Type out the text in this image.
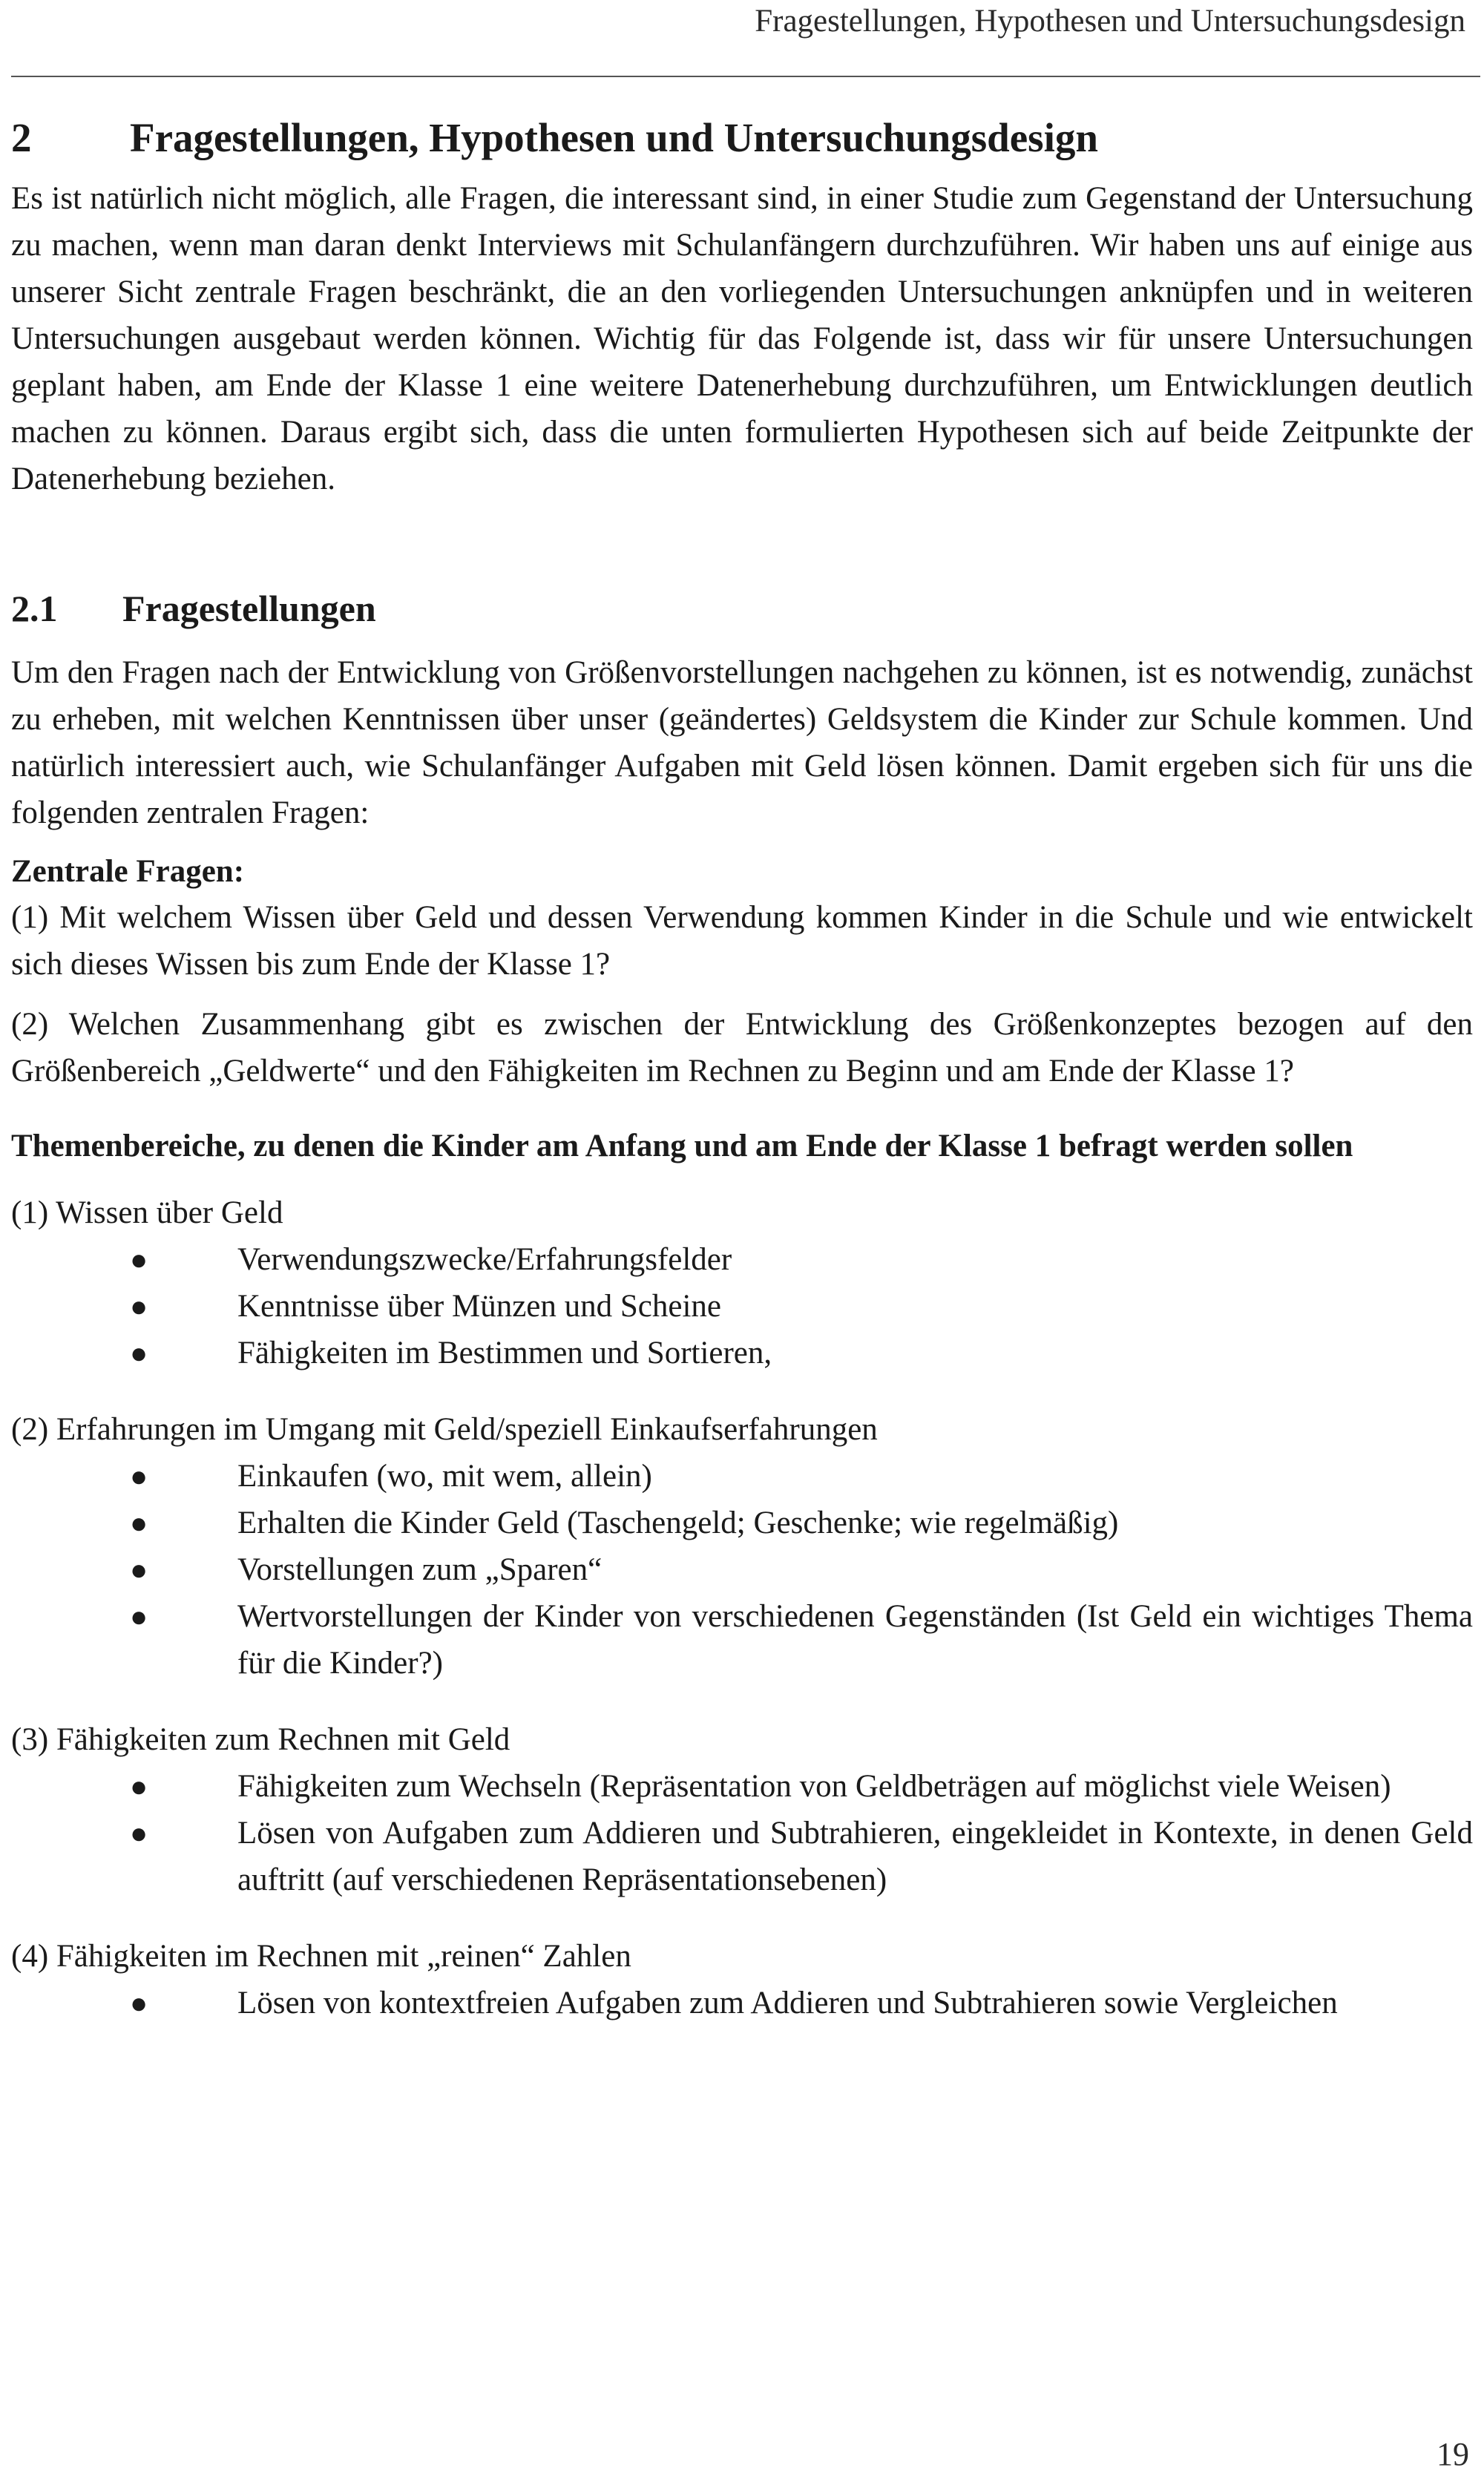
Fragestellungen, Hypothesen und Untersuchungsdesign
2	Fragestellungen, Hypothesen und Untersuchungsdesign

Es ist natürlich nicht möglich, alle Fragen, die interessant sind, in einer Studie zum Gegenstand der Untersuchung zu machen, wenn man daran denkt Interviews mit Schulanfängern durchzuführen. Wir haben uns auf einige aus unserer Sicht zentrale Fragen beschränkt, die an den vorliegenden Untersuchungen anknüpfen und in weiteren Untersuchungen ausgebaut werden können. Wichtig für das Folgende ist, dass wir für unsere Untersuchungen geplant haben, am Ende der Klasse 1 eine weitere Datenerhebung durchzuführen, um Entwicklungen deutlich machen zu können. Daraus ergibt sich, dass die unten formulierten Hypothesen sich auf beide Zeitpunkte der Datenerhebung beziehen.

2.1	Fragestellungen

Um den Fragen nach der Entwicklung von Größenvorstellungen nachgehen zu können, ist es notwendig, zunächst zu erheben, mit welchen Kenntnissen über unser (geändertes) Geldsystem die Kinder zur Schule kommen. Und natürlich interessiert auch, wie Schulanfänger Aufgaben mit Geld lösen können. Damit ergeben sich für uns die folgenden zentralen Fragen:

Zentrale Fragen:

(1) Mit welchem Wissen über Geld und dessen Verwendung kommen Kinder in die Schule und wie entwickelt sich dieses Wissen bis zum Ende der Klasse 1?

(2) Welchen Zusammenhang gibt es zwischen der Entwicklung des Größenkonzeptes bezogen auf den Größenbereich „Geldwerte“ und den Fähigkeiten im Rechnen zu Beginn und am Ende der Klasse 1?

Themenbereiche, zu denen die Kinder am Anfang und am Ende der Klasse 1 befragt werden sollen
(1) Wissen über Geld
●	Verwendungszwecke/Erfahrungsfelder
●	Kenntnisse über Münzen und Scheine
●	Fähigkeiten im Bestimmen und Sortieren,
(2) Erfahrungen im Umgang mit Geld/speziell Einkaufserfahrungen
●	Einkaufen (wo, mit wem, allein)
●	Erhalten die Kinder Geld (Taschengeld; Geschenke; wie regelmäßig)
●	Vorstellungen zum „Sparen“
●	Wertvorstellungen der Kinder von verschiedenen Gegenständen (Ist Geld ein wichtiges Thema für die Kinder?)
(3) Fähigkeiten zum Rechnen mit Geld
●	Fähigkeiten zum Wechseln (Repräsentation von Geldbeträgen auf möglichst viele Weisen)
●	Lösen von Aufgaben zum Addieren und Subtrahieren, eingekleidet in Kontexte, in denen Geld auftritt (auf verschiedenen Repräsentationsebenen)
(4) Fähigkeiten im Rechnen mit „reinen“ Zahlen
●	Lösen von kontextfreien Aufgaben zum Addieren und Subtrahieren sowie Vergleichen
19
